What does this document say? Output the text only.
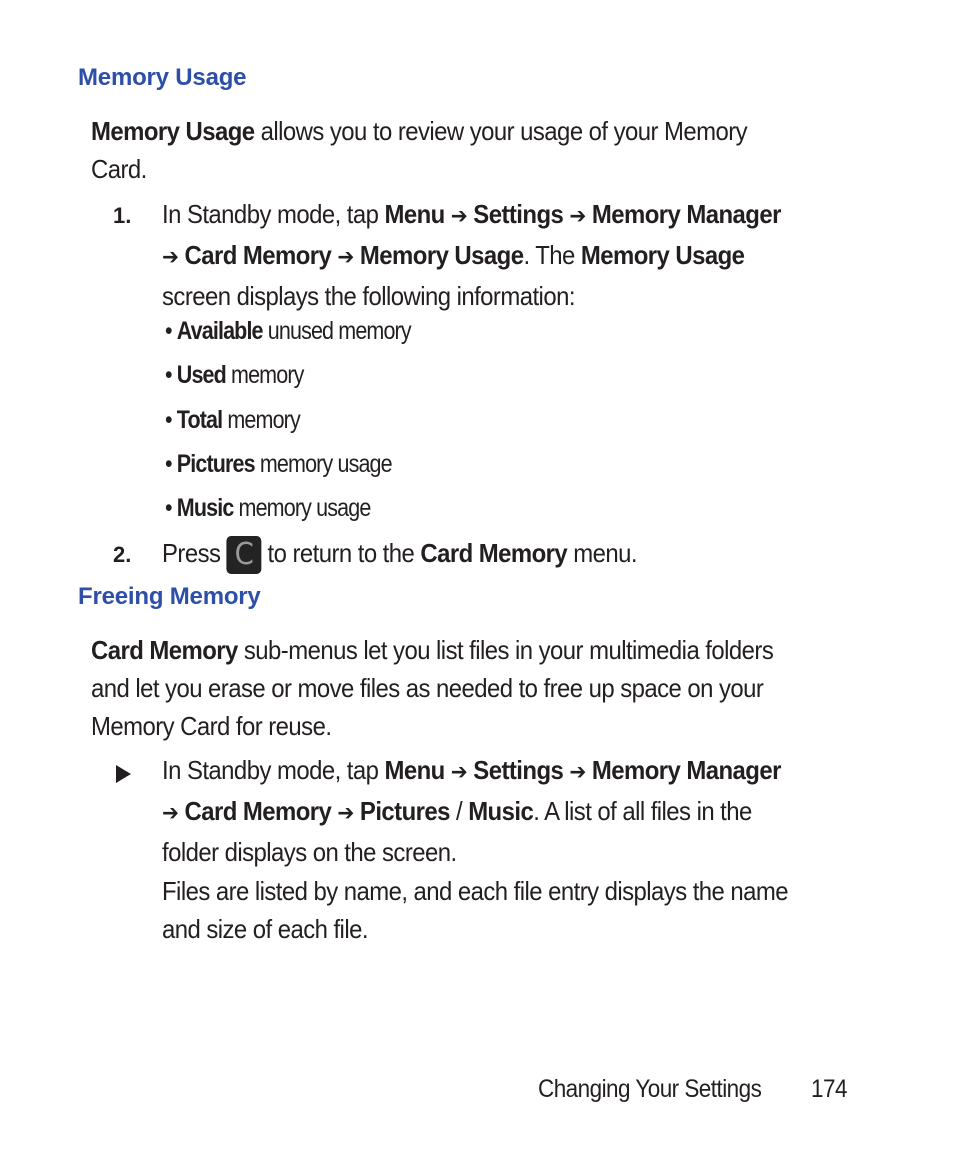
Memory Usage
Memory Usage allows you to review your usage of your Memory
Card.
1. In Standby mode, tap Menu ➔ Settings ➔ Memory Manager
➔ Card Memory ➔ Memory Usage. The Memory Usage
screen displays the following information:
• Available unused memory
• Used memory
• Total memory
• Pictures memory usage
• Music memory usage
2. Press C to return to the Card Memory menu.
Freeing Memory
Card Memory sub-menus let you list files in your multimedia folders
and let you erase or move files as needed to free up space on your
Memory Card for reuse.
In Standby mode, tap Menu ➔ Settings ➔ Memory Manager
➔ Card Memory ➔ Pictures / Music. A list of all files in the
folder displays on the screen.
Files are listed by name, and each file entry displays the name
and size of each file.
Changing Your Settings 174
